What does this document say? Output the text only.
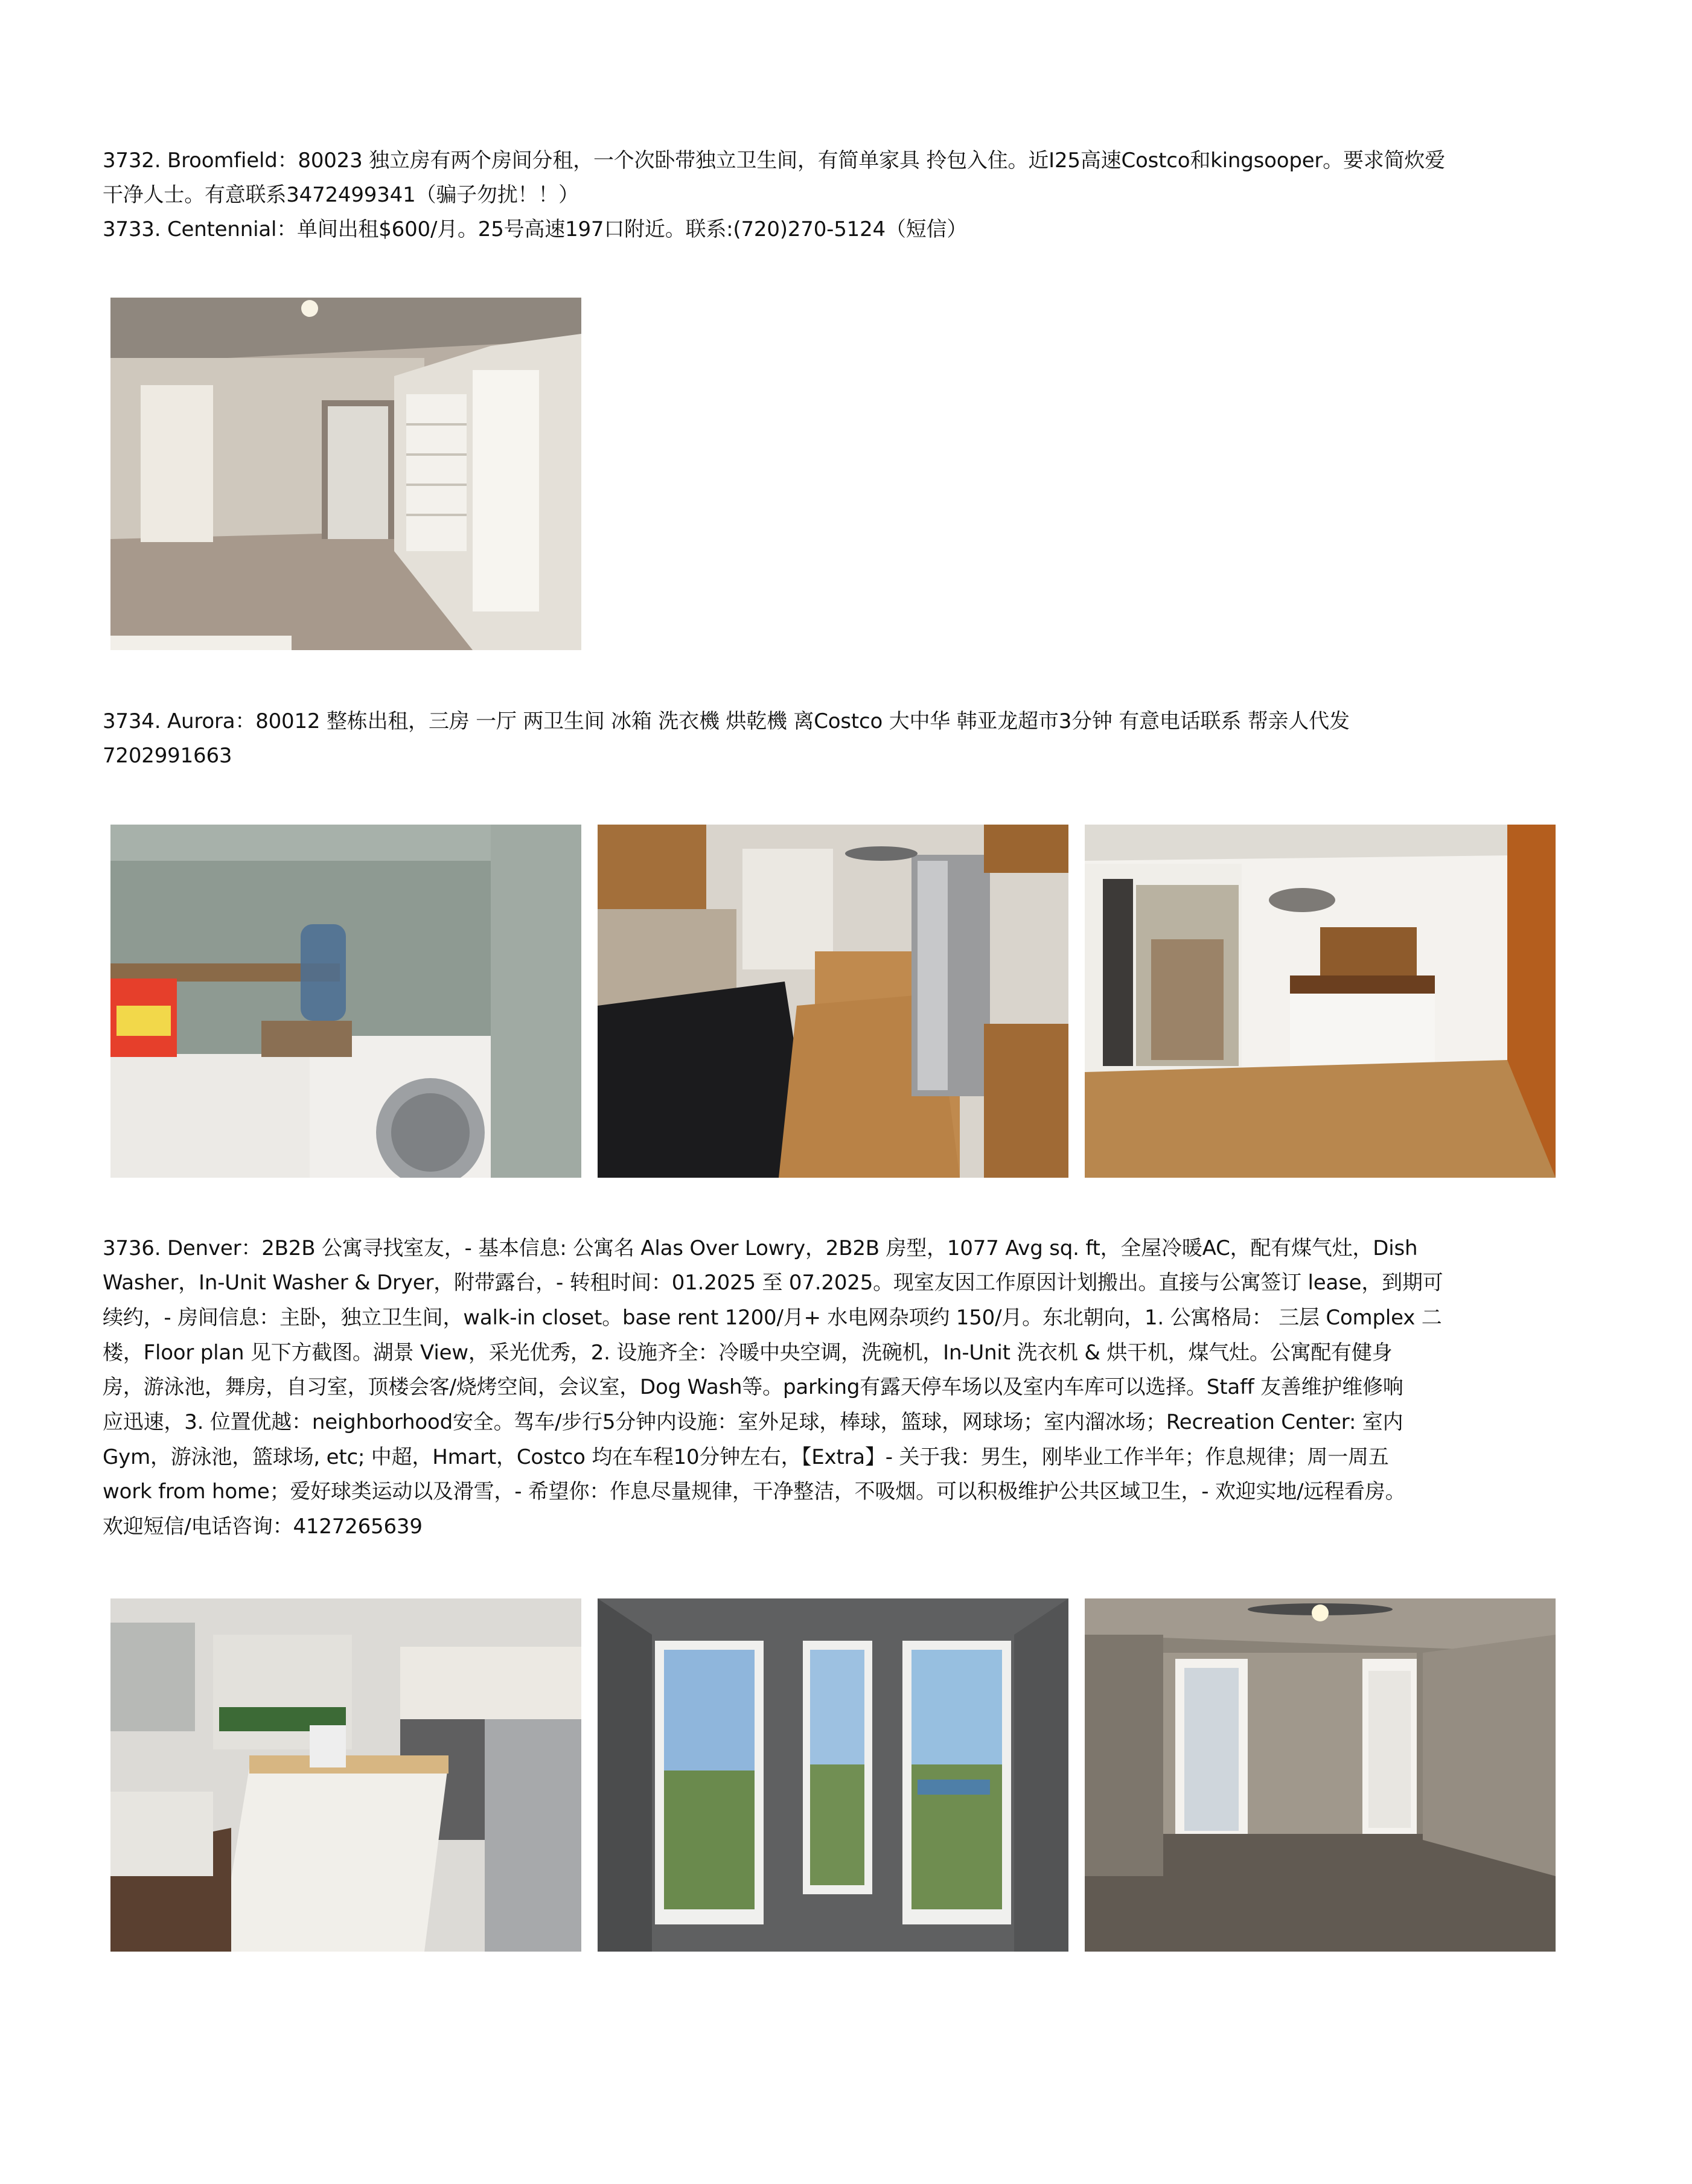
3732. Broomfield：80023 独立房有两个房间分租，一个次卧带独立卫生间，有简单家具 拎包入住。近I25高速Costco和kingsooper。要求简炊爱
干净人士。有意联系3472499341（骗子勿扰！！）
3733. Centennial：单间出租$600/月。25号高速197口附近。联系:(720)270-5124（短信）
3734. Aurora：80012 整栋出租，三房 一厅 两卫生间 冰箱 洗衣機 烘乾機 离Costco 大中华 韩亚龙超市3分钟 有意电话联系 帮亲人代发
7202991663
3736. Denver：2B2B 公寓寻找室友，- 基本信息: 公寓名 Alas Over Lowry，2B2B 房型，1077 Avg sq. ft，全屋冷暖AC，配有煤气灶，Dish
Washer，In-Unit Washer & Dryer，附带露台，- 转租时间：01.2025 至 07.2025。现室友因工作原因计划搬出。直接与公寓签订 lease，到期可
续约，- 房间信息：主卧，独立卫生间，walk-in closet。base rent 1200/月+ 水电网杂项约 150/月。东北朝向，1. 公寓格局： 三层 Complex 二
楼，Floor plan 见下方截图。湖景 View，采光优秀，2. 设施齐全：冷暖中央空调，洗碗机，In-Unit 洗衣机 & 烘干机，煤气灶。公寓配有健身
房，游泳池，舞房，自习室，顶楼会客/烧烤空间，会议室，Dog Wash等。parking有露天停车场以及室内车库可以选择。Staff 友善维护维修响
应迅速，3. 位置优越：neighborhood安全。驾车/步行5分钟内设施：室外足球，棒球，篮球，网球场；室内溜冰场；Recreation Center: 室内
Gym，游泳池，篮球场, etc; 中超，Hmart，Costco 均在车程10分钟左右，【Extra】- 关于我：男生，刚毕业工作半年；作息规律；周一周五
work from home；爱好球类运动以及滑雪，- 希望你：作息尽量规律，干净整洁，不吸烟。可以积极维护公共区域卫生，- 欢迎实地/远程看房。
欢迎短信/电话咨询：4127265639
